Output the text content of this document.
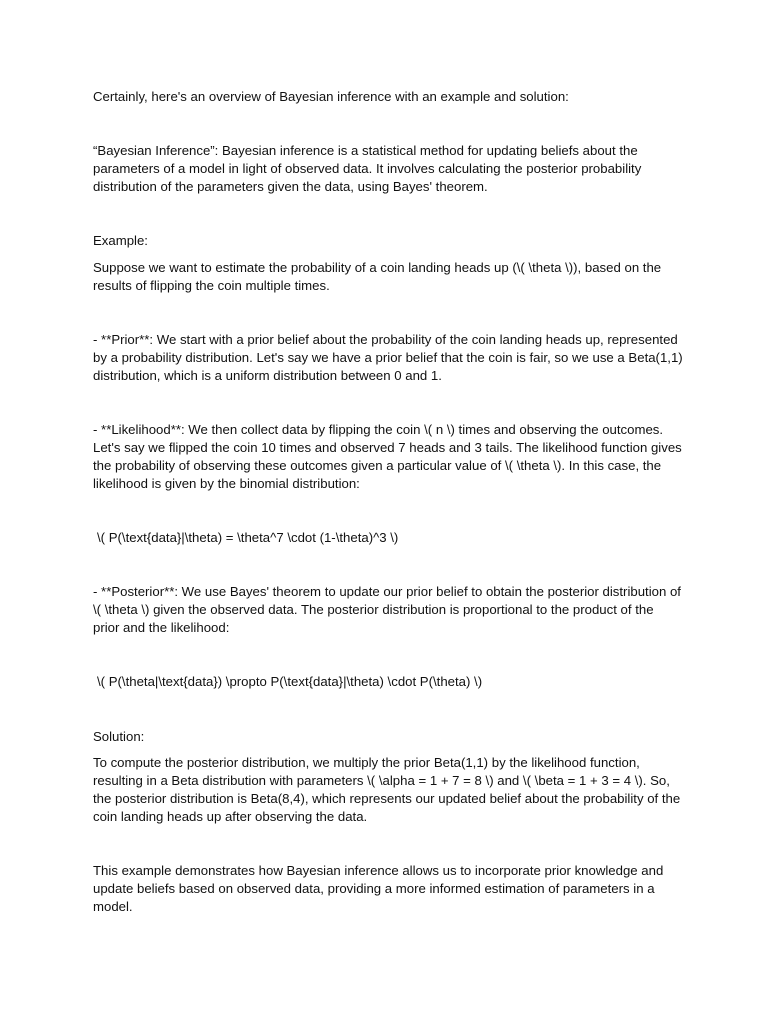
Certainly, here's an overview of Bayesian inference with an example and solution:

“Bayesian Inference”: Bayesian inference is a statistical method for updating beliefs about the parameters of a model in light of observed data. It involves calculating the posterior probability distribution of the parameters given the data, using Bayes' theorem.

Example:

Suppose we want to estimate the probability of a coin landing heads up (\( \theta \)), based on the results of flipping the coin multiple times.

- **Prior**: We start with a prior belief about the probability of the coin landing heads up, represented by a probability distribution. Let's say we have a prior belief that the coin is fair, so we use a Beta(1,1) distribution, which is a uniform distribution between 0 and 1.

- **Likelihood**: We then collect data by flipping the coin \( n \) times and observing the outcomes. Let's say we flipped the coin 10 times and observed 7 heads and 3 tails. The likelihood function gives the probability of observing these outcomes given a particular value of \( \theta \). In this case, the likelihood is given by the binomial distribution:

\( P(\text{data}|\theta) = \theta^7 \cdot (1-\theta)^3 \)

- **Posterior**: We use Bayes' theorem to update our prior belief to obtain the posterior distribution of \( \theta \) given the observed data. The posterior distribution is proportional to the product of the prior and the likelihood:

\( P(\theta|\text{data}) \propto P(\text{data}|\theta) \cdot P(\theta) \)

Solution:

To compute the posterior distribution, we multiply the prior Beta(1,1) by the likelihood function, resulting in a Beta distribution with parameters \( \alpha = 1 + 7 = 8 \) and \( \beta = 1 + 3 = 4 \). So, the posterior distribution is Beta(8,4), which represents our updated belief about the probability of the coin landing heads up after observing the data.

This example demonstrates how Bayesian inference allows us to incorporate prior knowledge and update beliefs based on observed data, providing a more informed estimation of parameters in a model.
